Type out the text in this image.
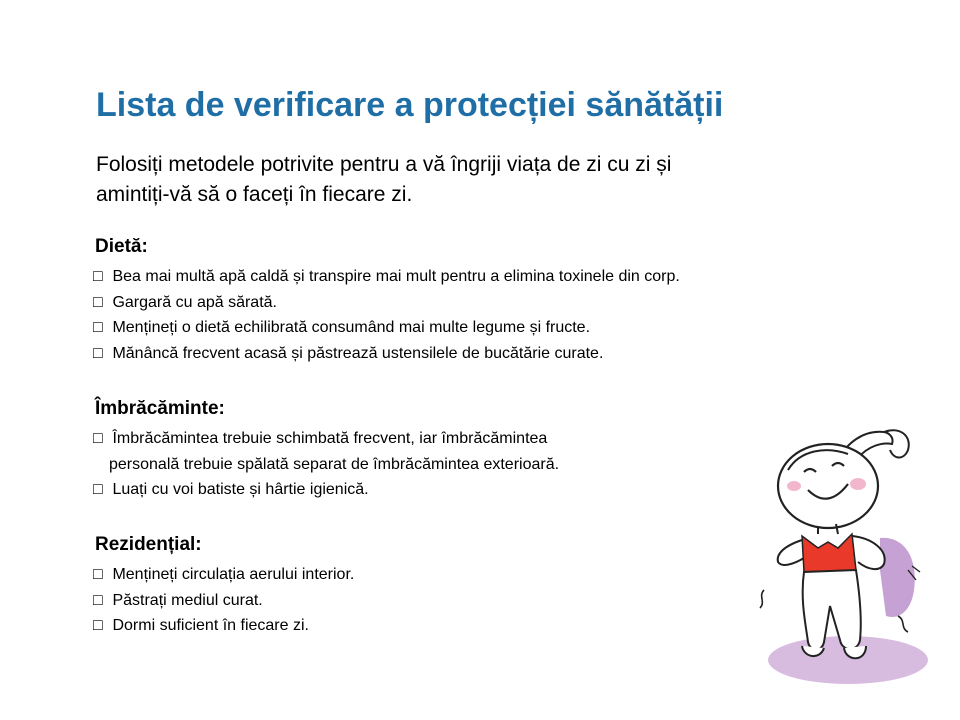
Lista de verificare a protecției sănătății
Folosiți metodele potrivite pentru a vă îngriji viața de zi cu zi și
amintiți-vă să o faceți în fiecare zi.
Dietă:

□ Bea mai multă apă caldă și transpire mai mult pentru a elimina toxinele din corp.

□ Gargară cu apă sărată.

□ Mențineți o dietă echilibrată consumând mai multe legume și fructe.

□ Mănâncă frecvent acasă și păstrează ustensilele de bucătărie curate.

Îmbrăcăminte:

□ Îmbrăcămintea trebuie schimbată frecvent, iar îmbrăcămintea

personală trebuie spălată separat de îmbrăcămintea exterioară.

□ Luați cu voi batiste și hârtie igienică.

Rezidențial:

□ Mențineți circulația aerului interior.

□ Păstrați mediul curat.

□ Dormi suficient în fiecare zi.
